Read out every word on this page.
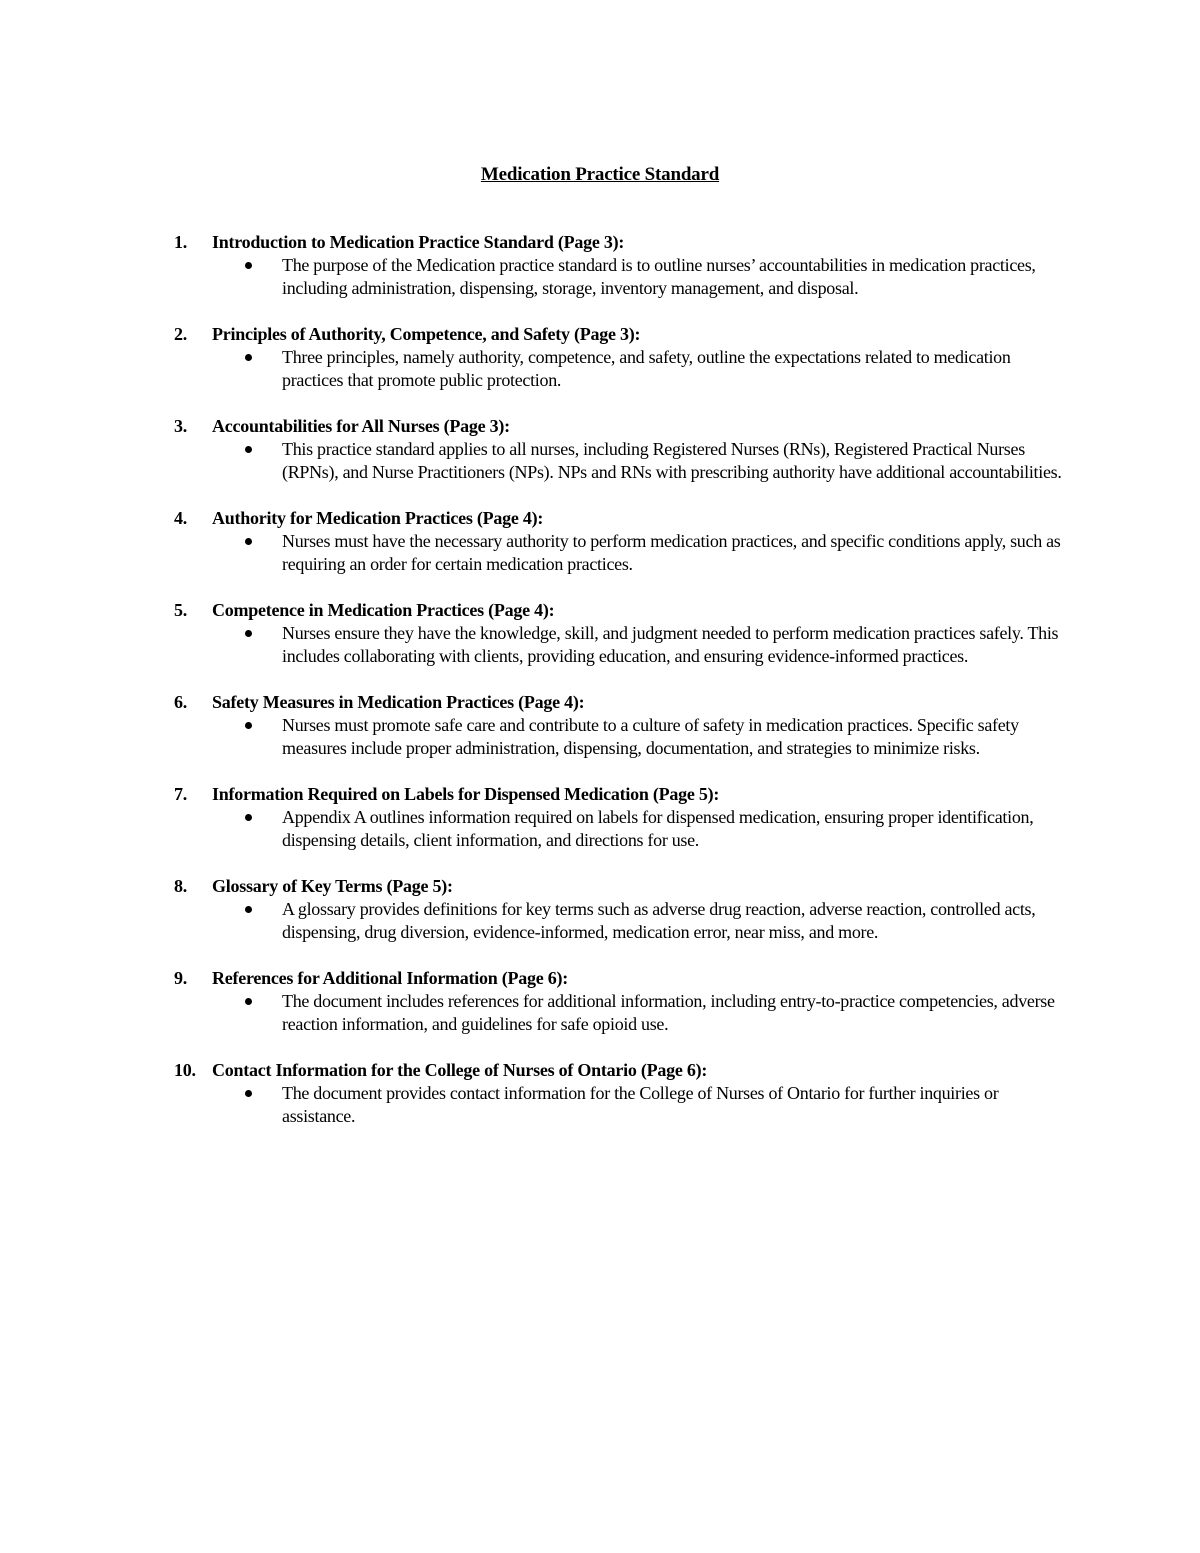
Medication Practice Standard
1. Introduction to Medication Practice Standard (Page 3):
The purpose of the Medication practice standard is to outline nurses’ accountabilities in medication practices, including administration, dispensing, storage, inventory management, and disposal.
2. Principles of Authority, Competence, and Safety (Page 3):
Three principles, namely authority, competence, and safety, outline the expectations related to medication practices that promote public protection.
3. Accountabilities for All Nurses (Page 3):
This practice standard applies to all nurses, including Registered Nurses (RNs), Registered Practical Nurses (RPNs), and Nurse Practitioners (NPs). NPs and RNs with prescribing authority have additional accountabilities.
4. Authority for Medication Practices (Page 4):
Nurses must have the necessary authority to perform medication practices, and specific conditions apply, such as requiring an order for certain medication practices.
5. Competence in Medication Practices (Page 4):
Nurses ensure they have the knowledge, skill, and judgment needed to perform medication practices safely. This includes collaborating with clients, providing education, and ensuring evidence-informed practices.
6. Safety Measures in Medication Practices (Page 4):
Nurses must promote safe care and contribute to a culture of safety in medication practices. Specific safety measures include proper administration, dispensing, documentation, and strategies to minimize risks.
7. Information Required on Labels for Dispensed Medication (Page 5):
Appendix A outlines information required on labels for dispensed medication, ensuring proper identification, dispensing details, client information, and directions for use.
8. Glossary of Key Terms (Page 5):
A glossary provides definitions for key terms such as adverse drug reaction, adverse reaction, controlled acts, dispensing, drug diversion, evidence-informed, medication error, near miss, and more.
9. References for Additional Information (Page 6):
The document includes references for additional information, including entry-to-practice competencies, adverse reaction information, and guidelines for safe opioid use.
10. Contact Information for the College of Nurses of Ontario (Page 6):
The document provides contact information for the College of Nurses of Ontario for further inquiries or assistance.
